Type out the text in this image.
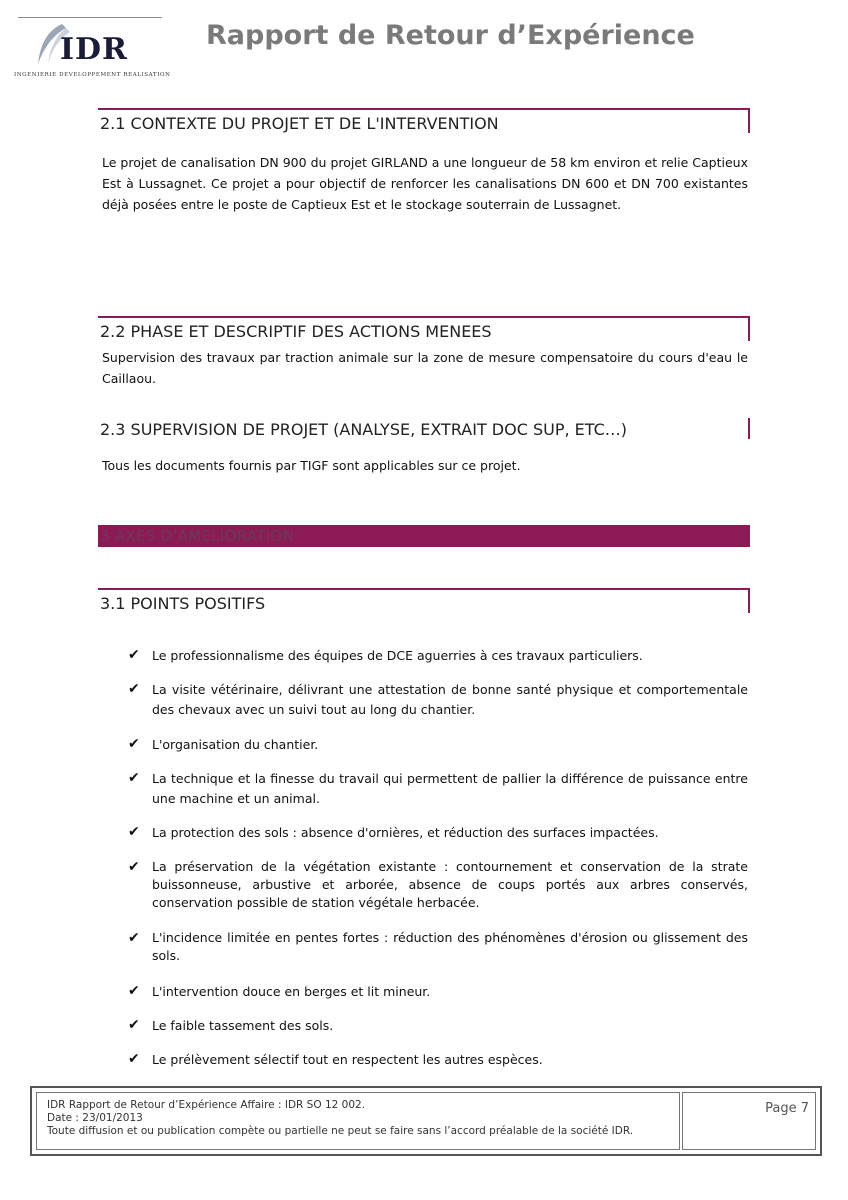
IDR
INGENIERIE DEVELOPPEMENT REALISATION
Rapport de Retour d’Expérience
2.1 CONTEXTE DU PROJET ET DE L'INTERVENTION
Le projet de canalisation DN 900 du projet GIRLAND a une longueur de 58 km environ et relie Captieux Est à Lussagnet. Ce projet a pour objectif de renforcer les canalisations DN 600 et DN 700 existantes déjà posées entre le poste de Captieux Est et le stockage souterrain de Lussagnet.
2.2 PHASE ET DESCRIPTIF DES ACTIONS MENEES
Supervision des travaux par traction animale sur la zone de mesure compensatoire du cours d'eau le Caillaou.
2.3 SUPERVISION DE PROJET (ANALYSE, EXTRAIT DOC SUP, ETC…)
Tous les documents fournis par TIGF sont applicables sur ce projet.
3 AXES D’AMELIORATION
3.1 POINTS POSITIFS
✔ Le professionnalisme des équipes de DCE aguerries à ces travaux particuliers.
✔ La visite vétérinaire, délivrant une attestation de bonne santé physique et comportementale des chevaux avec un suivi tout au long du chantier.
✔ L'organisation du chantier.
✔ La technique et la finesse du travail qui permettent de pallier la différence de puissance entre une machine et un animal.
✔ La protection des sols : absence d'ornières, et réduction des surfaces impactées.
✔ La préservation de la végétation existante : contournement et conservation de la strate buissonneuse, arbustive et arborée, absence de coups portés aux arbres conservés, conservation possible de station végétale herbacée.
✔ L'incidence limitée en pentes fortes : réduction des phénomènes d'érosion ou glissement des sols.
✔ L'intervention douce en berges et lit mineur.
✔ Le faible tassement des sols.
✔ Le prélèvement sélectif tout en respectent les autres espèces.
IDR Rapport de Retour d’Expérience Affaire : IDR SO 12 002.
Date : 23/01/2013
Toute diffusion et ou publication compète ou partielle ne peut se faire sans l’accord préalable de la société IDR.
Page 7
